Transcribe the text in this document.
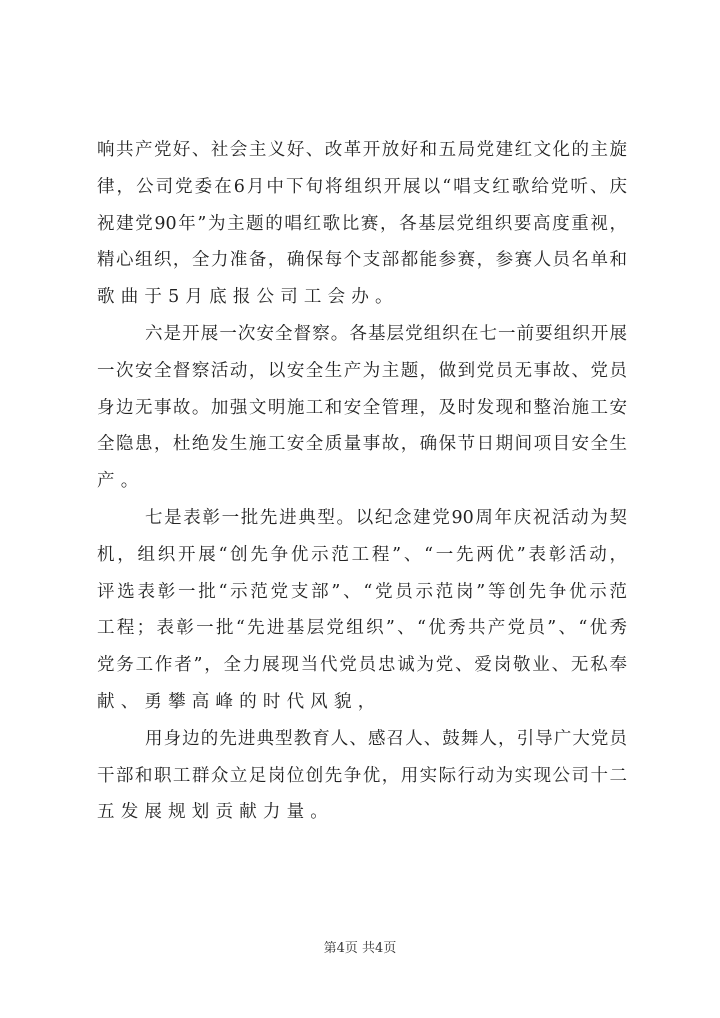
响共产党好、社会主义好、改革开放好和五局党建红文化的主旋
律，公司党委在6月中下旬将组织开展以“唱支红歌给党听、庆
祝建党90年”为主题的唱红歌比赛，各基层党组织要高度重视，
精心组织，全力准备，确保每个支部都能参赛，参赛人员名单和
歌曲于5月底报公司工会办。
六是开展一次安全督察。各基层党组织在七一前要组织开展
一次安全督察活动，以安全生产为主题，做到党员无事故、党员
身边无事故。加强文明施工和安全管理，及时发现和整治施工安
全隐患，杜绝发生施工安全质量事故，确保节日期间项目安全生
产。
七是表彰一批先进典型。以纪念建党90周年庆祝活动为契
机，组织开展“创先争优示范工程”、“一先两优”表彰活动，
评选表彰一批“示范党支部”、“党员示范岗”等创先争优示范
工程；表彰一批“先进基层党组织”、“优秀共产党员”、“优秀
党务工作者”，全力展现当代党员忠诚为党、爱岗敬业、无私奉
献、勇攀高峰的时代风貌，
用身边的先进典型教育人、感召人、鼓舞人，引导广大党员
干部和职工群众立足岗位创先争优，用实际行动为实现公司十二
五发展规划贡献力量。
第4页 共4页
